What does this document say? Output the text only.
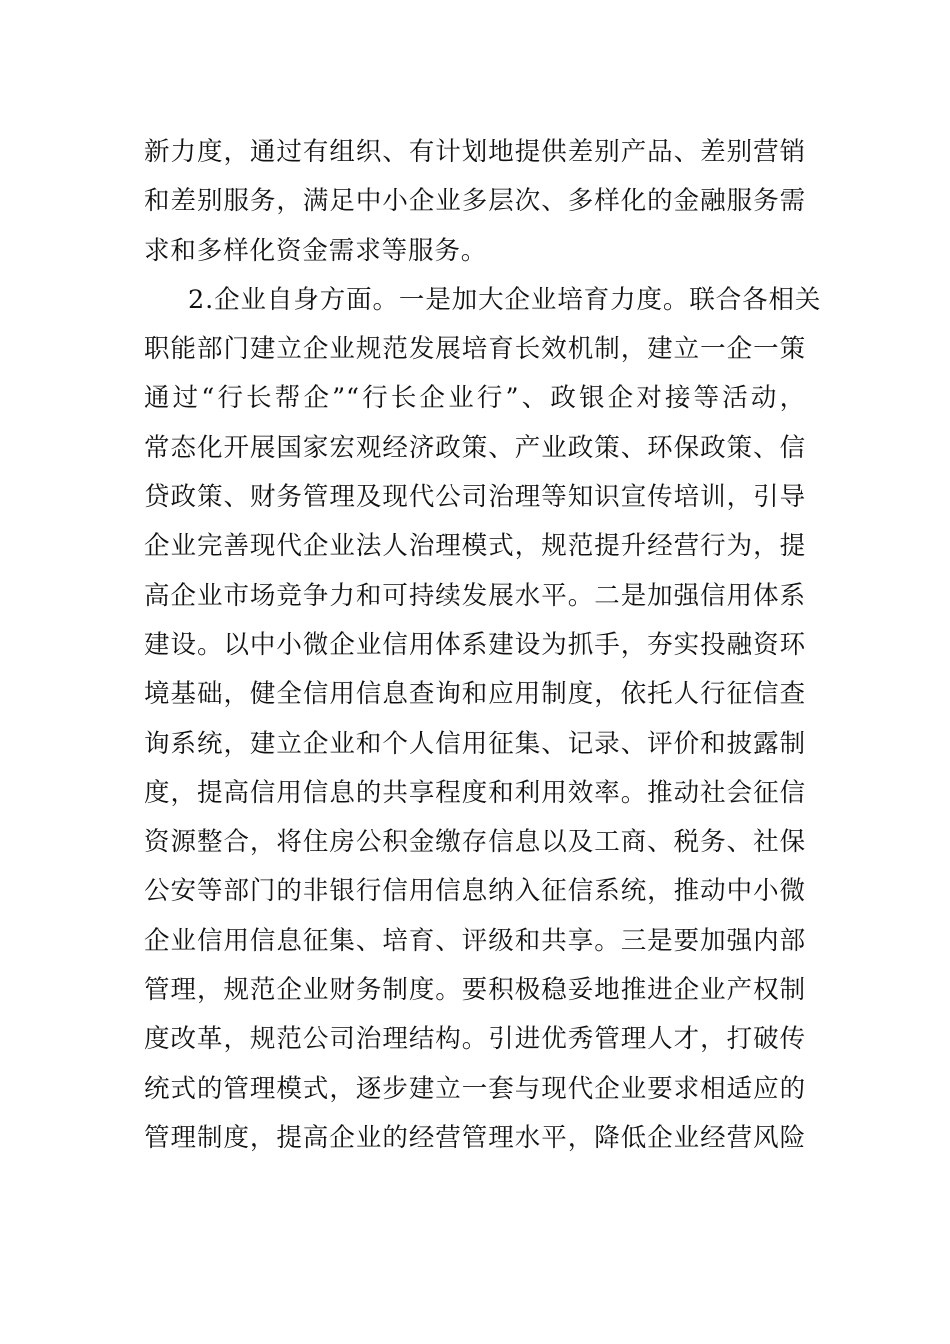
新力度，通过有组织、有计划地提供差别产品、差别营销
和差别服务，满足中小企业多层次、多样化的金融服务需
求和多样化资金需求等服务。
2.企业自身方面。一是加大企业培育力度。联合各相关
职能部门建立企业规范发展培育长效机制，建立一企一策
通过“行长帮企”“行长企业行”、政银企对接等活动，
常态化开展国家宏观经济政策、产业政策、环保政策、信
贷政策、财务管理及现代公司治理等知识宣传培训，引导
企业完善现代企业法人治理模式，规范提升经营行为，提
高企业市场竞争力和可持续发展水平。二是加强信用体系
建设。以中小微企业信用体系建设为抓手，夯实投融资环
境基础，健全信用信息查询和应用制度，依托人行征信查
询系统，建立企业和个人信用征集、记录、评价和披露制
度，提高信用信息的共享程度和利用效率。推动社会征信
资源整合，将住房公积金缴存信息以及工商、税务、社保
公安等部门的非银行信用信息纳入征信系统，推动中小微
企业信用信息征集、培育、评级和共享。三是要加强内部
管理，规范企业财务制度。要积极稳妥地推进企业产权制
度改革，规范公司治理结构。引进优秀管理人才，打破传
统式的管理模式，逐步建立一套与现代企业要求相适应的
管理制度，提高企业的经营管理水平，降低企业经营风险
